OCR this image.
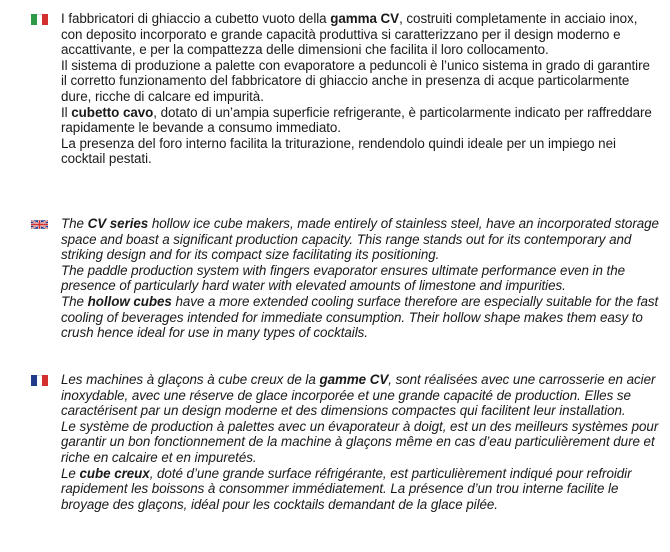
I fabbricatori di ghiaccio a cubetto vuoto della gamma CV, costruiti completamente in acciaio inox, con deposito incorporato e grande capacità produttiva si caratterizzano per il design moderno e accattivante, e per la compattezza delle dimensioni che facilita il loro collocamento.

Il sistema di produzione a palette con evaporatore a peduncoli è l’unico sistema in grado di garantire il corretto funzionamento del fabbricatore di ghiaccio anche in presenza di acque particolarmente dure, ricche di calcare ed impurità.

Il cubetto cavo, dotato di un’ampia superficie refrigerante, è particolarmente indicato per raffreddare rapidamente le bevande a consumo immediato.

La presenza del foro interno facilita la triturazione, rendendolo quindi ideale per un impiego nei cocktail pestati.

The CV series hollow ice cube makers, made entirely of stainless steel, have an incorporated storage space and boast a significant production capacity. This range stands out for its contemporary and striking design and for its compact size facilitating its positioning.

The paddle production system with fingers evaporator ensures ultimate performance even in the presence of particularly hard water with elevated amounts of limestone and impurities.

The hollow cubes have a more extended cooling surface therefore are especially suitable for the fast cooling of beverages intended for immediate consumption. Their hollow shape makes them easy to crush hence ideal for use in many types of cocktails.

Les machines à glaçons à cube creux de la gamme CV, sont réalisées avec une carrosserie en acier inoxydable, avec une réserve de glace incorporée et une grande capacité de production. Elles se caractérisent par un design moderne et des dimensions compactes qui facilitent leur installation.

Le système de production à palettes avec un évaporateur à doigt, est un des meilleurs systèmes pour garantir un bon fonctionnement de la machine à glaçons même en cas d’eau particulièrement dure et riche en calcaire et en impuretés.

Le cube creux, doté d’une grande surface réfrigérante, est particulièrement indiqué pour refroidir rapidement les boissons à consommer immédiatement. La présence d’un trou interne facilite le broyage des glaçons, idéal pour les cocktails demandant de la glace pilée.
